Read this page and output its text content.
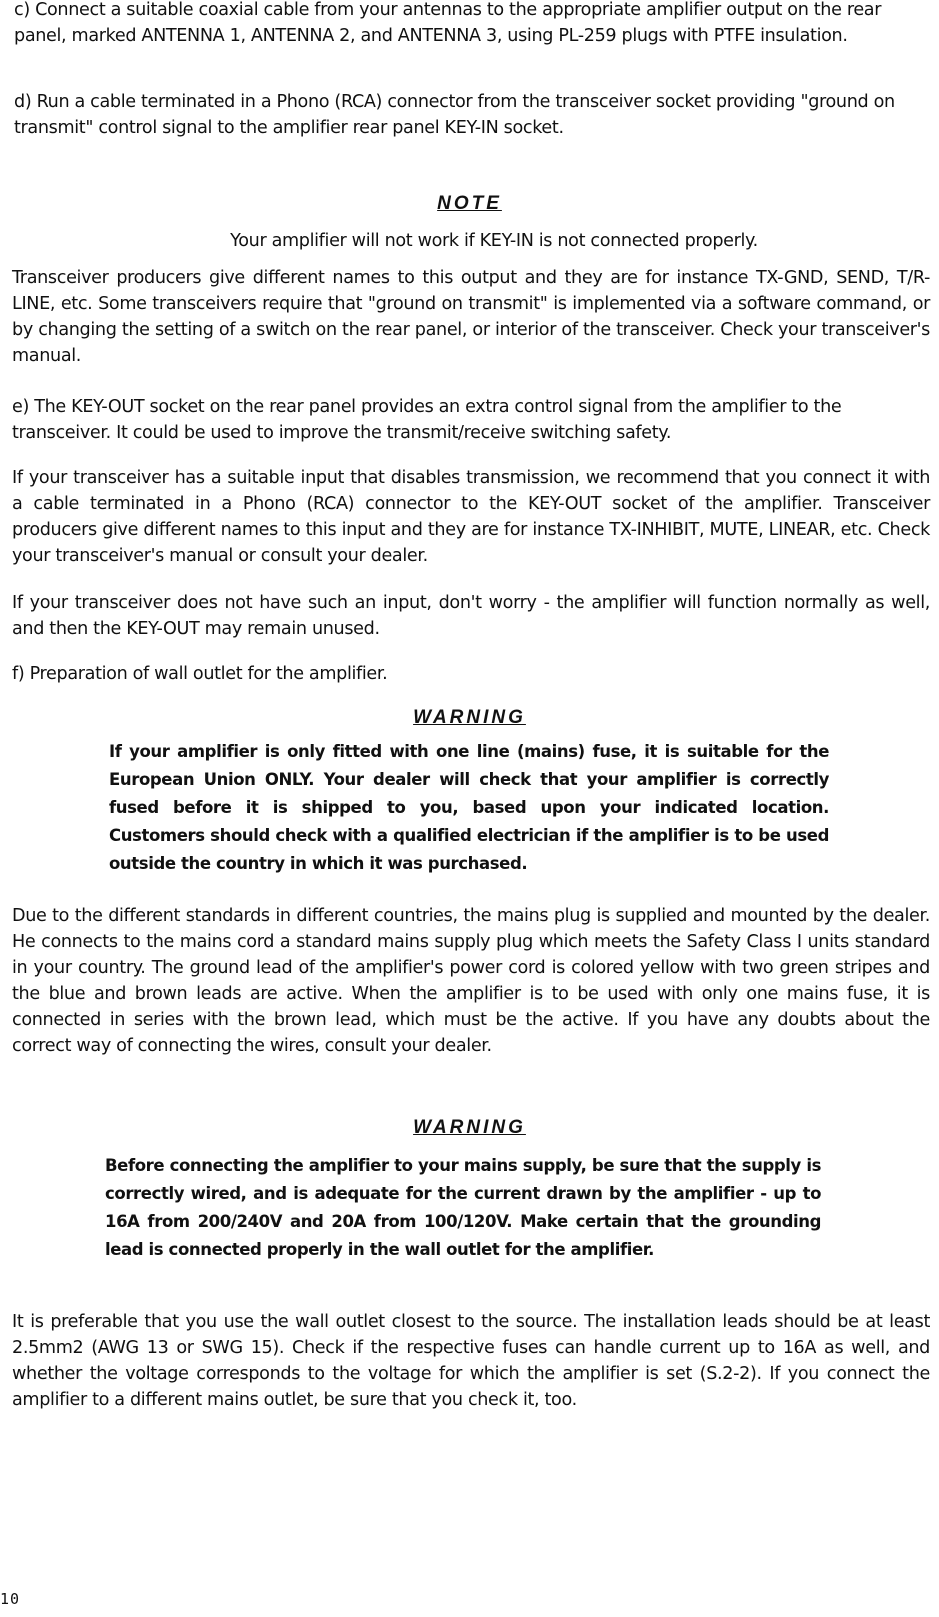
c) Connect a suitable coaxial cable from your antennas to the appropriate amplifier output on the rear panel, marked ANTENNA 1, ANTENNA 2, and ANTENNA 3, using PL-259 plugs with PTFE insulation.

d) Run a cable terminated in a Phono (RCA) connector from the transceiver socket providing "ground on transmit" control signal to the amplifier rear panel KEY-IN socket.

NOTE

Your amplifier will not work if KEY-IN is not connected properly.

Transceiver producers give different names to this output and they are for instance TX-GND, SEND, T/R-LINE, etc. Some transceivers require that "ground on transmit" is implemented via a software command, or by changing the setting of a switch on the rear panel, or interior of the transceiver. Check your transceiver's manual.

e) The KEY-OUT socket on the rear panel provides an extra control signal from the amplifier to the transceiver. It could be used to improve the transmit/receive switching safety.

If your transceiver has a suitable input that disables transmission, we recommend that you connect it with a cable terminated in a Phono (RCA) connector to the KEY-OUT socket of the amplifier. Transceiver producers give different names to this input and they are for instance TX-INHIBIT, MUTE, LINEAR, etc. Check your transceiver's manual or consult your dealer.

If your transceiver does not have such an input, don't worry - the amplifier will function normally as well, and then the KEY-OUT may remain unused.

f) Preparation of wall outlet for the amplifier.

WARNING

If your amplifier is only fitted with one line (mains) fuse, it is suitable for the European Union ONLY. Your dealer will check that your amplifier is correctly fused before it is shipped to you, based upon your indicated location. Customers should check with a qualified electrician if the amplifier is to be used outside the country in which it was purchased.

Due to the different standards in different countries, the mains plug is supplied and mounted by the dealer. He connects to the mains cord a standard mains supply plug which meets the Safety Class I units standard in your country. The ground lead of the amplifier's power cord is colored yellow with two green stripes and the blue and brown leads are active. When the amplifier is to be used with only one mains fuse, it is connected in series with the brown lead, which must be the active. If you have any doubts about the correct way of connecting the wires, consult your dealer.

WARNING

Before connecting the amplifier to your mains supply, be sure that the supply is correctly wired, and is adequate for the current drawn by the amplifier - up to 16A from 200/240V and 20A from 100/120V. Make certain that the grounding lead is connected properly in the wall outlet for the amplifier.

It is preferable that you use the wall outlet closest to the source. The installation leads should be at least 2.5mm2 (AWG 13 or SWG 15). Check if the respective fuses can handle current up to 16A as well, and whether the voltage corresponds to the voltage for which the amplifier is set (S.2-2). If you connect the amplifier to a different mains outlet, be sure that you check it, too.

10
